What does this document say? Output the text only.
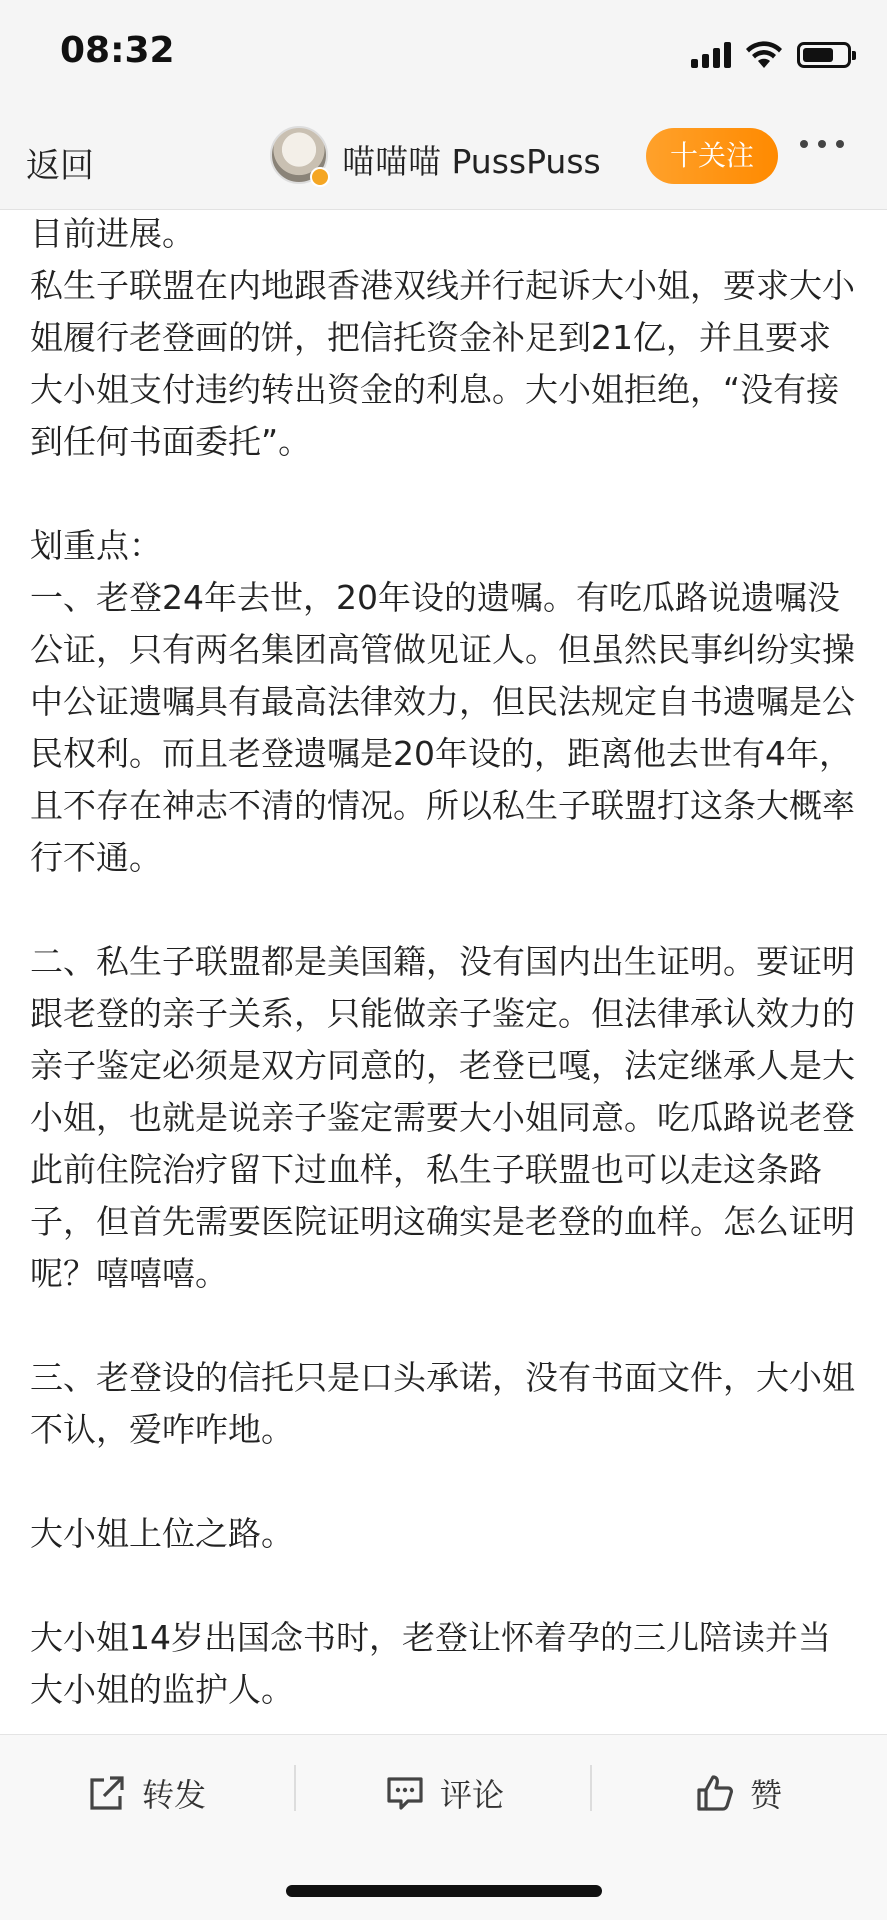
08:32
返回	喵喵喵 PussPuss	十关注

目前进展。
私生子联盟在内地跟香港双线并行起诉大小姐，要求大小姐履行老登画的饼，把信托资金补足到21亿，并且要求大小姐支付违约转出资金的利息。大小姐拒绝，“没有接到任何书面委托”。

划重点：
一、老登24年去世，20年设的遗嘱。有吃瓜路说遗嘱没公证，只有两名集团高管做见证人。但虽然民事纠纷实操中公证遗嘱具有最高法律效力，但民法规定自书遗嘱是公民权利。而且老登遗嘱是20年设的，距离他去世有4年，且不存在神志不清的情况。所以私生子联盟打这条大概率行不通。

二、私生子联盟都是美国籍，没有国内出生证明。要证明跟老登的亲子关系，只能做亲子鉴定。但法律承认效力的亲子鉴定必须是双方同意的，老登已嘎，法定继承人是大小姐，也就是说亲子鉴定需要大小姐同意。吃瓜路说老登此前住院治疗留下过血样，私生子联盟也可以走这条路子，但首先需要医院证明这确实是老登的血样。怎么证明呢？嘻嘻嘻。

三、老登设的信托只是口头承诺，没有书面文件，大小姐不认，爱咋咋地。

大小姐上位之路。

大小姐14岁出国念书时，老登让怀着孕的三儿陪读并当大小姐的监护人。

转发	评论	赞
